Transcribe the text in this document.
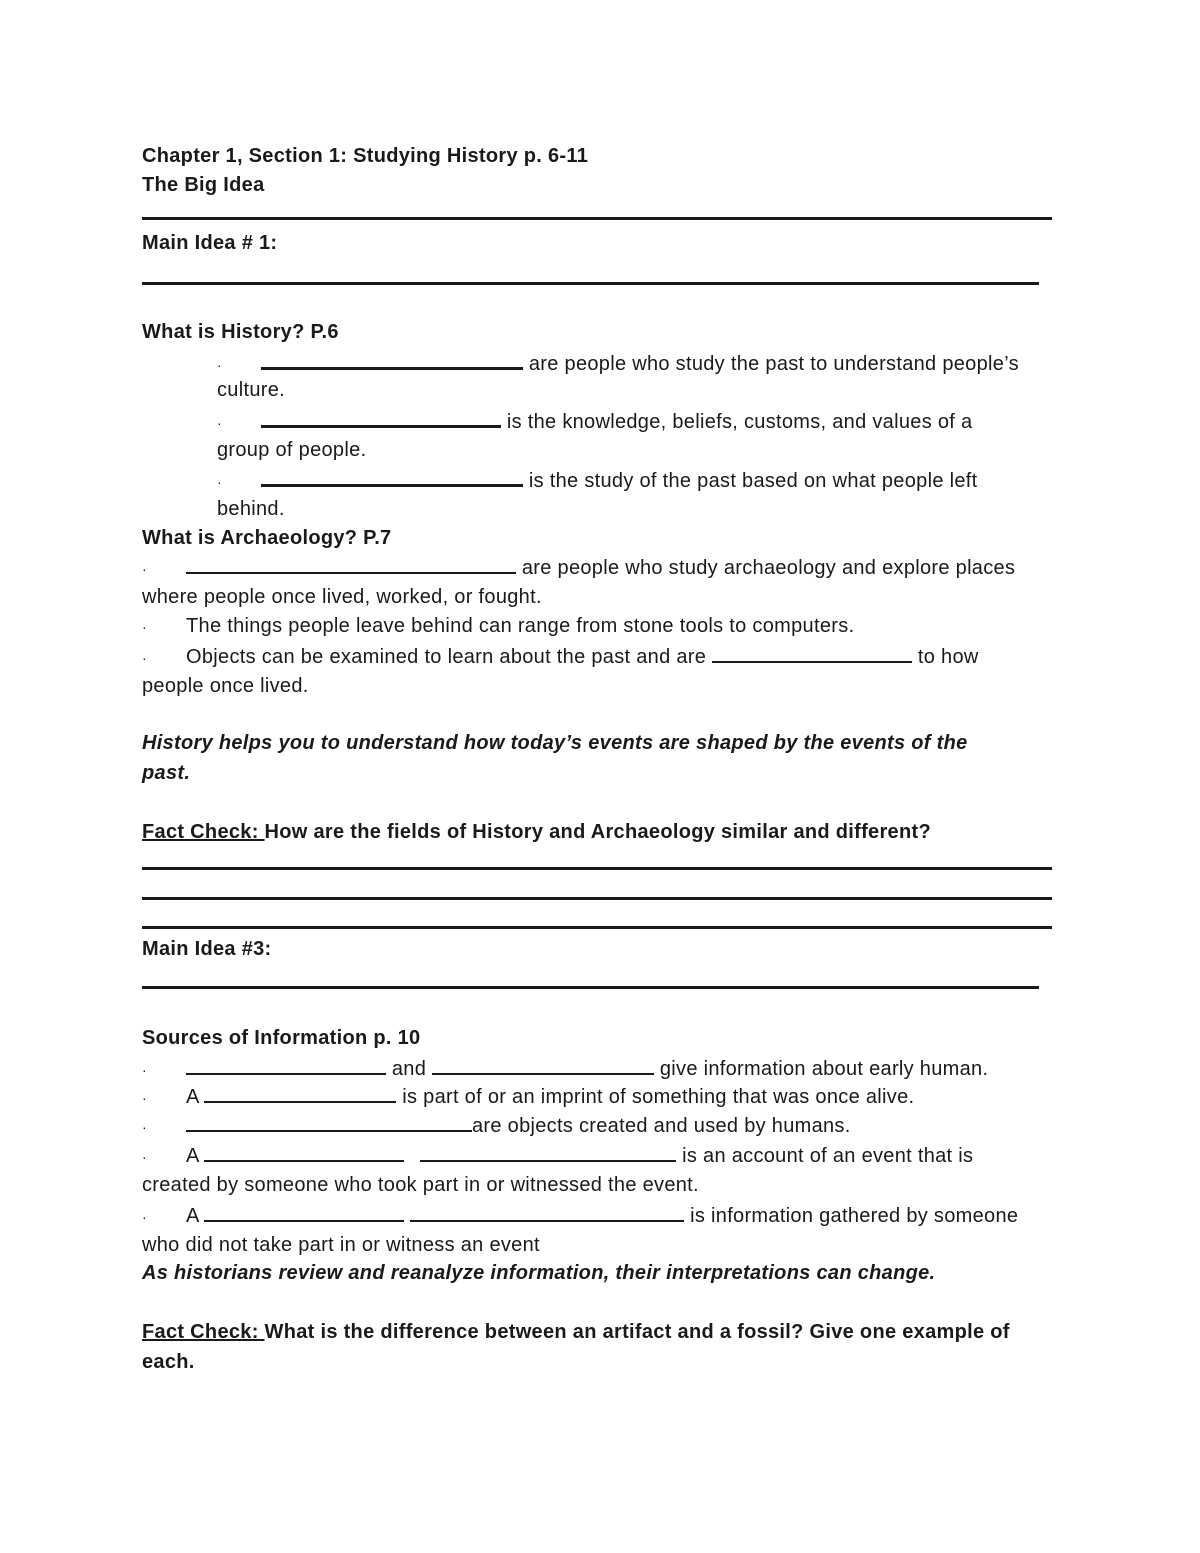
Chapter 1, Section 1: Studying History p. 6-11
The Big Idea
Main Idea # 1:
What is History? P.6
·	are people who study the past to understand people’s
culture.
·	is the knowledge, beliefs, customs, and values of a
group of people.
·	is the study of the past based on what people left
behind.
What is Archaeology? P.7
·	are people who study archaeology and explore places
where people once lived, worked, or fought.
· The things people leave behind can range from stone tools to computers.
· Objects can be examined to learn about the past and are	to how
people once lived.
History helps you to understand how today’s events are shaped by the events of the
past.
Fact Check: How are the fields of History and Archaeology similar and different?
Main Idea #3:
Sources of Information p. 10
·	and	give information about early human.
· A	is part of or an imprint of something that was once alive.
·	are objects created and used by humans.
· A	is an account of an event that is
created by someone who took part in or witnessed the event.
· A	is information gathered by someone
who did not take part in or witness an event
As historians review and reanalyze information, their interpretations can change.
Fact Check: What is the difference between an artifact and a fossil? Give one example of
each.
